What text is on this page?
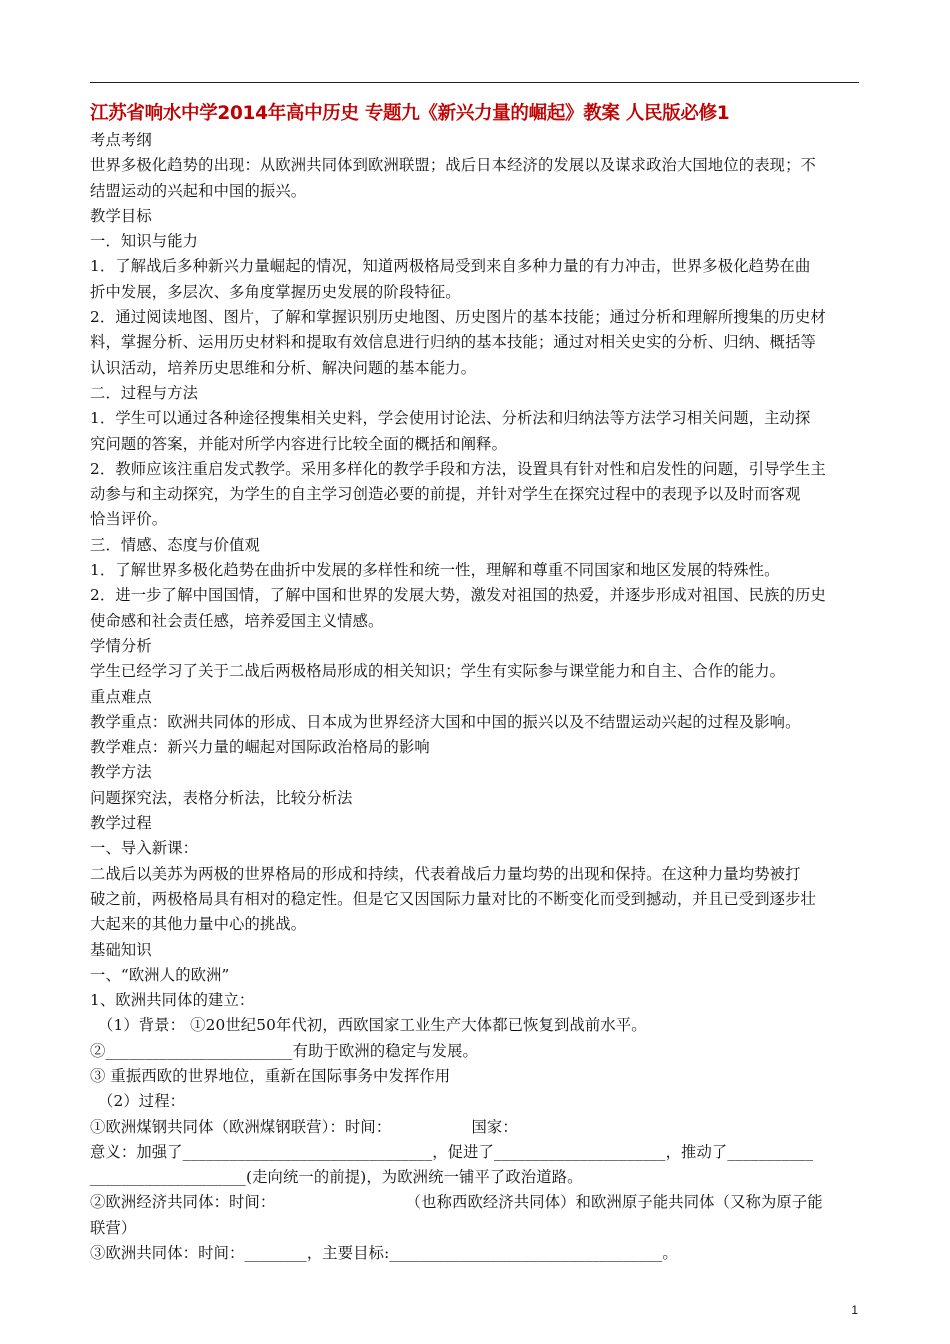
江苏省响水中学2014年高中历史 专题九《新兴力量的崛起》教案 人民版必修1
考点考纲
世界多极化趋势的出现：从欧洲共同体到欧洲联盟；战后日本经济的发展以及谋求政治大国地位的表现；不
结盟运动的兴起和中国的振兴。
教学目标
一．知识与能力
1．了解战后多种新兴力量崛起的情况，知道两极格局受到来自多种力量的有力冲击，世界多极化趋势在曲
折中发展，多层次、多角度掌握历史发展的阶段特征。
2．通过阅读地图、图片，了解和掌握识别历史地图、历史图片的基本技能；通过分析和理解所搜集的历史材
料，掌握分析、运用历史材料和提取有效信息进行归纳的基本技能；通过对相关史实的分析、归纳、概括等
认识活动，培养历史思维和分析、解决问题的基本能力。
二．过程与方法
1．学生可以通过各种途径搜集相关史料，学会使用讨论法、分析法和归纳法等方法学习相关问题，主动探
究问题的答案，并能对所学内容进行比较全面的概括和阐释。
2．教师应该注重启发式教学。采用多样化的教学手段和方法，设置具有针对性和启发性的问题，引导学生主
动参与和主动探究，为学生的自主学习创造必要的前提，并针对学生在探究过程中的表现予以及时而客观
恰当评价。
三．情感、态度与价值观
1．了解世界多极化趋势在曲折中发展的多样性和统一性，理解和尊重不同国家和地区发展的特殊性。
2．进一步了解中国国情，了解中国和世界的发展大势，激发对祖国的热爱，并逐步形成对祖国、民族的历史
使命感和社会责任感，培养爱国主义情感。
学情分析
学生已经学习了关于二战后两极格局形成的相关知识；学生有实际参与课堂能力和自主、合作的能力。
重点难点
教学重点：欧洲共同体的形成、日本成为世界经济大国和中国的振兴以及不结盟运动兴起的过程及影响。
教学难点：新兴力量的崛起对国际政治格局的影响
教学方法
问题探究法，表格分析法，比较分析法
教学过程
一、导入新课：
二战后以美苏为两极的世界格局的形成和持续，代表着战后力量均势的出现和保持。在这种力量均势被打
破之前，两极格局具有相对的稳定性。但是它又因国际力量对比的不断变化而受到撼动，并且已受到逐步壮
大起来的其他力量中心的挑战。
基础知识
一、“欧洲人的欧洲”
1、欧洲共同体的建立：
（1）背景： ①20世纪50年代初，西欧国家工业生产大体都已恢复到战前水平。
②________________________有助于欧洲的稳定与发展。
③ 重振西欧的世界地位，重新在国际事务中发挥作用
（2）过程：
①欧洲煤钢共同体（欧洲煤钢联营）：时间：                国家：
意义：加强了________________________________，促进了______________________，推动了___________
____________________(走向统一的前提)，为欧洲统一铺平了政治道路。
②欧洲经济共同体：时间：                          （也称西欧经济共同体）和欧洲原子能共同体（又称为原子能
联营）
③欧洲共同体：时间：________，主要目标:___________________________________。
1
